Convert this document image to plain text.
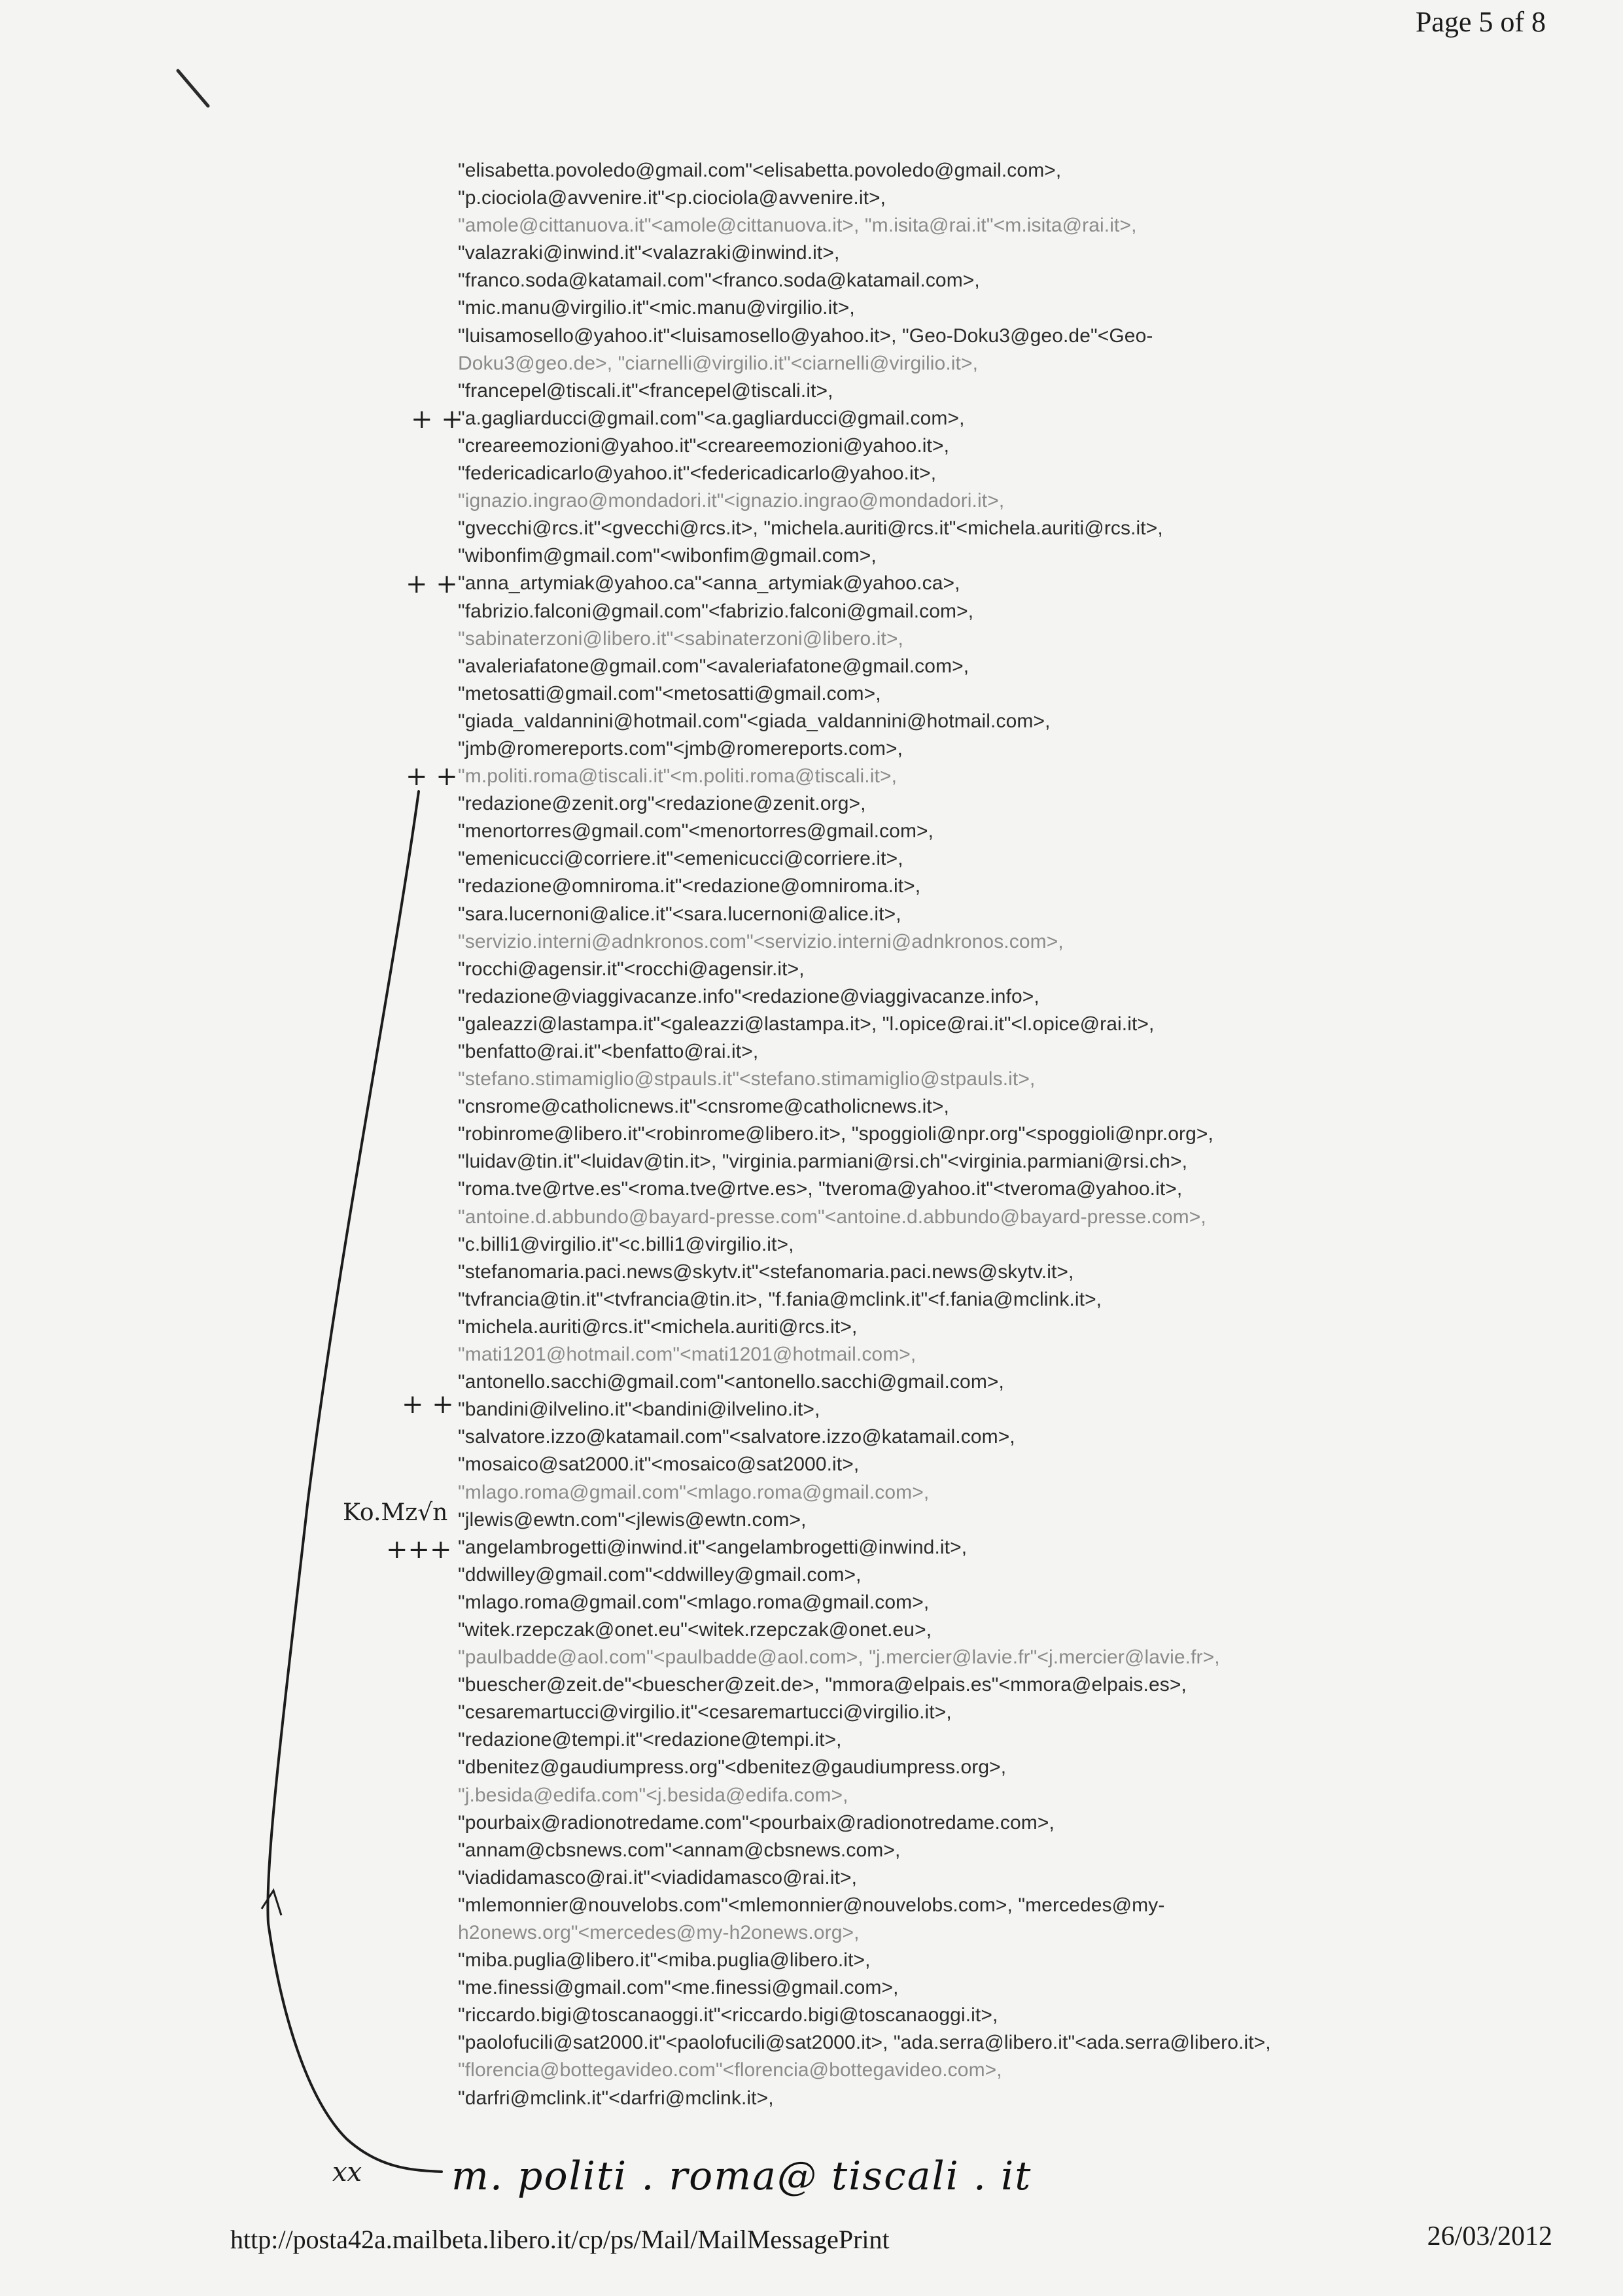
Page 5 of 8
"elisabetta.povoledo@gmail.com"<elisabetta.povoledo@gmail.com>,
"p.ciociola@avvenire.it"<p.ciociola@avvenire.it>,
"amole@cittanuova.it"<amole@cittanuova.it>, "m.isita@rai.it"<m.isita@rai.it>,
"valazraki@inwind.it"<valazraki@inwind.it>,
"franco.soda@katamail.com"<franco.soda@katamail.com>,
"mic.manu@virgilio.it"<mic.manu@virgilio.it>,
"luisamosello@yahoo.it"<luisamosello@yahoo.it>, "Geo-Doku3@geo.de"<Geo-
Doku3@geo.de>, "ciarnelli@virgilio.it"<ciarnelli@virgilio.it>,
"francepel@tiscali.it"<francepel@tiscali.it>,
"a.gagliarducci@gmail.com"<a.gagliarducci@gmail.com>,
"creareemozioni@yahoo.it"<creareemozioni@yahoo.it>,
"federicadicarlo@yahoo.it"<federicadicarlo@yahoo.it>,
"ignazio.ingrao@mondadori.it"<ignazio.ingrao@mondadori.it>,
"gvecchi@rcs.it"<gvecchi@rcs.it>, "michela.auriti@rcs.it"<michela.auriti@rcs.it>,
"wibonfim@gmail.com"<wibonfim@gmail.com>,
"anna_artymiak@yahoo.ca"<anna_artymiak@yahoo.ca>,
"fabrizio.falconi@gmail.com"<fabrizio.falconi@gmail.com>,
"sabinaterzoni@libero.it"<sabinaterzoni@libero.it>,
"avaleriafatone@gmail.com"<avaleriafatone@gmail.com>,
"metosatti@gmail.com"<metosatti@gmail.com>,
"giada_valdannini@hotmail.com"<giada_valdannini@hotmail.com>,
"jmb@romereports.com"<jmb@romereports.com>,
"m.politi.roma@tiscali.it"<m.politi.roma@tiscali.it>,
"redazione@zenit.org"<redazione@zenit.org>,
"menortorres@gmail.com"<menortorres@gmail.com>,
"emenicucci@corriere.it"<emenicucci@corriere.it>,
"redazione@omniroma.it"<redazione@omniroma.it>,
"sara.lucernoni@alice.it"<sara.lucernoni@alice.it>,
"servizio.interni@adnkronos.com"<servizio.interni@adnkronos.com>,
"rocchi@agensir.it"<rocchi@agensir.it>,
"redazione@viaggivacanze.info"<redazione@viaggivacanze.info>,
"galeazzi@lastampa.it"<galeazzi@lastampa.it>, "l.opice@rai.it"<l.opice@rai.it>,
"benfatto@rai.it"<benfatto@rai.it>,
"stefano.stimamiglio@stpauls.it"<stefano.stimamiglio@stpauls.it>,
"cnsrome@catholicnews.it"<cnsrome@catholicnews.it>,
"robinrome@libero.it"<robinrome@libero.it>, "spoggioli@npr.org"<spoggioli@npr.org>,
"luidav@tin.it"<luidav@tin.it>, "virginia.parmiani@rsi.ch"<virginia.parmiani@rsi.ch>,
"roma.tve@rtve.es"<roma.tve@rtve.es>, "tveroma@yahoo.it"<tveroma@yahoo.it>,
"antoine.d.abbundo@bayard-presse.com"<antoine.d.abbundo@bayard-presse.com>,
"c.billi1@virgilio.it"<c.billi1@virgilio.it>,
"stefanomaria.paci.news@skytv.it"<stefanomaria.paci.news@skytv.it>,
"tvfrancia@tin.it"<tvfrancia@tin.it>, "f.fania@mclink.it"<f.fania@mclink.it>,
"michela.auriti@rcs.it"<michela.auriti@rcs.it>,
"mati1201@hotmail.com"<mati1201@hotmail.com>,
"antonello.sacchi@gmail.com"<antonello.sacchi@gmail.com>,
"bandini@ilvelino.it"<bandini@ilvelino.it>,
"salvatore.izzo@katamail.com"<salvatore.izzo@katamail.com>,
"mosaico@sat2000.it"<mosaico@sat2000.it>,
"mlago.roma@gmail.com"<mlago.roma@gmail.com>,
"jlewis@ewtn.com"<jlewis@ewtn.com>,
"angelambrogetti@inwind.it"<angelambrogetti@inwind.it>,
"ddwilley@gmail.com"<ddwilley@gmail.com>,
"mlago.roma@gmail.com"<mlago.roma@gmail.com>,
"witek.rzepczak@onet.eu"<witek.rzepczak@onet.eu>,
"paulbadde@aol.com"<paulbadde@aol.com>, "j.mercier@lavie.fr"<j.mercier@lavie.fr>,
"buescher@zeit.de"<buescher@zeit.de>, "mmora@elpais.es"<mmora@elpais.es>,
"cesaremartucci@virgilio.it"<cesaremartucci@virgilio.it>,
"redazione@tempi.it"<redazione@tempi.it>,
"dbenitez@gaudiumpress.org"<dbenitez@gaudiumpress.org>,
"j.besida@edifa.com"<j.besida@edifa.com>,
"pourbaix@radionotredame.com"<pourbaix@radionotredame.com>,
"annam@cbsnews.com"<annam@cbsnews.com>,
"viadidamasco@rai.it"<viadidamasco@rai.it>,
"mlemonnier@nouvelobs.com"<mlemonnier@nouvelobs.com>, "mercedes@my-
h2onews.org"<mercedes@my-h2onews.org>,
"miba.puglia@libero.it"<miba.puglia@libero.it>,
"me.finessi@gmail.com"<me.finessi@gmail.com>,
"riccardo.bigi@toscanaoggi.it"<riccardo.bigi@toscanaoggi.it>,
"paolofucili@sat2000.it"<paolofucili@sat2000.it>, "ada.serra@libero.it"<ada.serra@libero.it>,
"florencia@bottegavideo.com"<florencia@bottegavideo.com>,
"darfri@mclink.it"<darfri@mclink.it>,
+ +
+ +
+ +
+ +
Ko.Mz√n
+++
xx m. politi . roma@ tiscali . it
http://posta42a.mailbeta.libero.it/cp/ps/Mail/MailMessagePrint	26/03/2012
